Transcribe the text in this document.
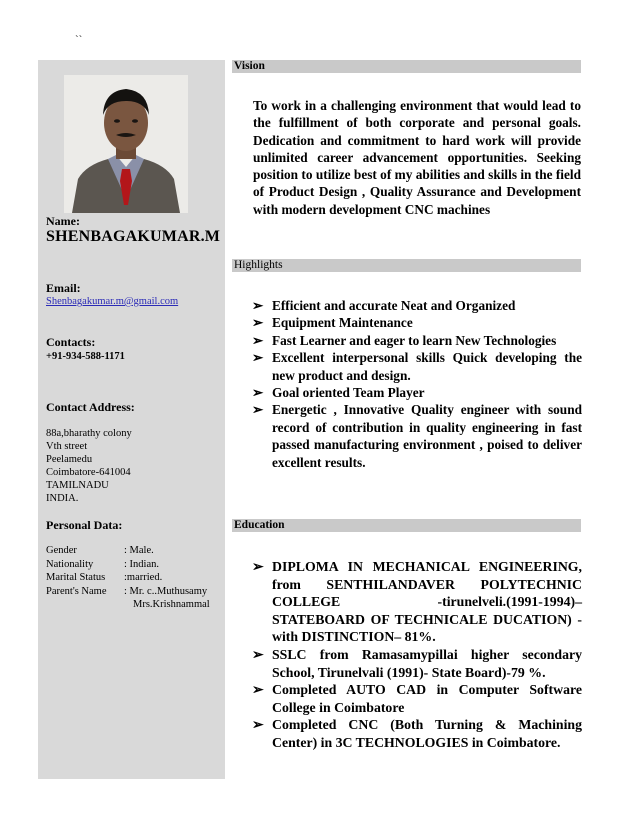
``
Name:
SHENBAGAKUMAR.M
Email:
Shenbagakumar.m@gmail.com
Contacts:
+91-934-588-1171
Contact Address:
88a,bharathy colony
Vth street
Peelamedu
Coimbatore-641004
TAMILNADU
INDIA.
Personal Data:
Gender	: Male.
Nationality	: Indian.
Marital Status :married.
Parent's Name : Mr. c..Muthusamy
Mrs.Krishnammal
Vision
To work in a challenging environment that would lead to the fulfillment of both corporate and personal goals. Dedication and commitment to hard work will provide unlimited career advancement opportunities. Seeking position to utilize best of my abilities and skills in the field of Product Design , Quality Assurance and Development with modern development CNC machines
Highlights
➢ Efficient and accurate Neat and Organized
➢ Equipment Maintenance
➢ Fast Learner and eager to learn New Technologies
➢ Excellent interpersonal skills Quick developing the new product and design.
➢ Goal oriented Team Player
➢ Energetic , Innovative Quality engineer with sound record of contribution in quality engineering in fast passed manufacturing environment , poised to deliver excellent results.
Education
➢ DIPLOMA IN MECHANICAL ENGINEERING, from SENTHILANDAVER POLYTECHNIC COLLEGE -tirunelveli.(1991-1994)– STATEBOARD OF TECHNICALE DUCATION) -with DISTINCTION– 81%.
➢ SSLC from Ramasamypillai higher secondary School, Tirunelvali (1991)- State Board)-79 %.
➢ Completed AUTO CAD in Computer Software College in Coimbatore
➢ Completed CNC (Both Turning & Machining Center) in 3C TECHNOLOGIES in Coimbatore.
